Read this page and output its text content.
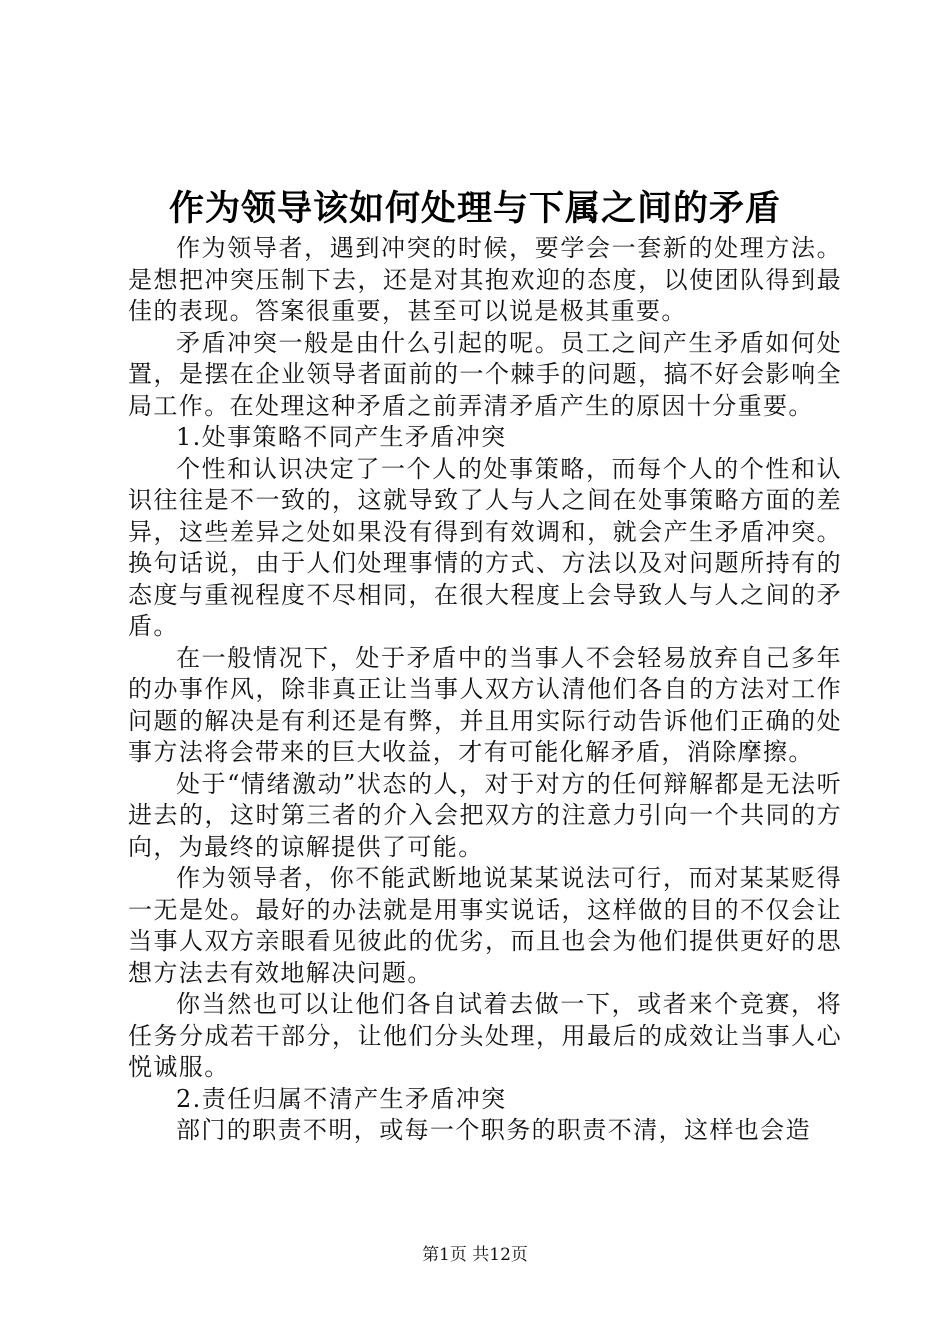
作为领导该如何处理与下属之间的矛盾

作为领导者，遇到冲突的时候，要学会一套新的处理方法。是想把冲突压制下去，还是对其抱欢迎的态度，以使团队得到最佳的表现。答案很重要，甚至可以说是极其重要。

矛盾冲突一般是由什么引起的呢。员工之间产生矛盾如何处置，是摆在企业领导者面前的一个棘手的问题，搞不好会影响全局工作。在处理这种矛盾之前弄清矛盾产生的原因十分重要。

1.处事策略不同产生矛盾冲突

个性和认识决定了一个人的处事策略，而每个人的个性和认识往往是不一致的，这就导致了人与人之间在处事策略方面的差异，这些差异之处如果没有得到有效调和，就会产生矛盾冲突。换句话说，由于人们处理事情的方式、方法以及对问题所持有的态度与重视程度不尽相同，在很大程度上会导致人与人之间的矛盾。

在一般情况下，处于矛盾中的当事人不会轻易放弃自己多年的办事作风，除非真正让当事人双方认清他们各自的方法对工作问题的解决是有利还是有弊，并且用实际行动告诉他们正确的处事方法将会带来的巨大收益，才有可能化解矛盾，消除摩擦。

处于“情绪激动”状态的人，对于对方的任何辩解都是无法听进去的，这时第三者的介入会把双方的注意力引向一个共同的方向，为最终的谅解提供了可能。

作为领导者，你不能武断地说某某说法可行，而对某某贬得一无是处。最好的办法就是用事实说话，这样做的目的不仅会让当事人双方亲眼看见彼此的优劣，而且也会为他们提供更好的思想方法去有效地解决问题。

你当然也可以让他们各自试着去做一下，或者来个竞赛，将任务分成若干部分，让他们分头处理，用最后的成效让当事人心悦诚服。

2.责任归属不清产生矛盾冲突

部门的职责不明，或每一个职务的职责不清，这样也会造

第1页 共12页
